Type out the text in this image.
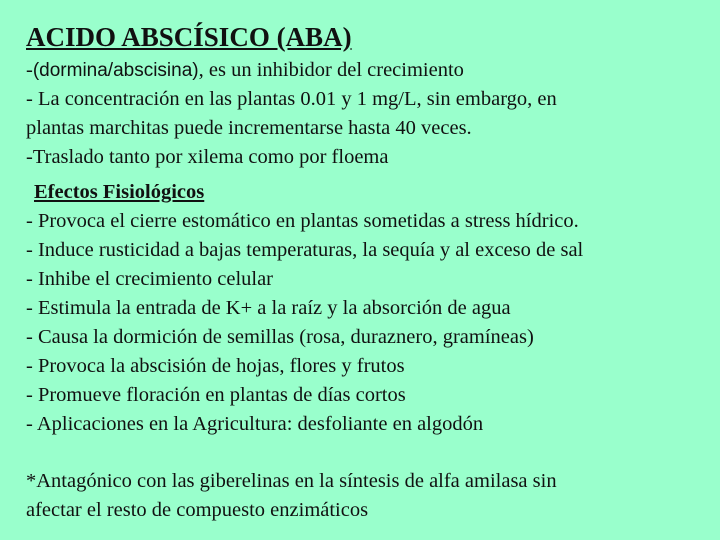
ACIDO ABSCÍSICO (ABA)
-(dormina/abscisina), es un inhibidor del crecimiento
- La concentración en las plantas 0.01 y 1 mg/L, sin embargo, en
plantas marchitas puede incrementarse hasta 40 veces.
-Traslado tanto por xilema como por floema
Efectos Fisiológicos
- Provoca el cierre estomático en plantas sometidas a stress hídrico.
- Induce rusticidad a bajas temperaturas, la sequía y al exceso de sal
- Inhibe el crecimiento celular
- Estimula la entrada de K+ a la raíz y la absorción de agua
- Causa la dormición de semillas (rosa, duraznero, gramíneas)
- Provoca la abscisión de hojas, flores y frutos
- Promueve floración en plantas de días cortos
- Aplicaciones en la Agricultura: desfoliante en algodón
*Antagónico con las giberelinas en la síntesis de alfa amilasa sin
afectar el resto de compuesto enzimáticos
